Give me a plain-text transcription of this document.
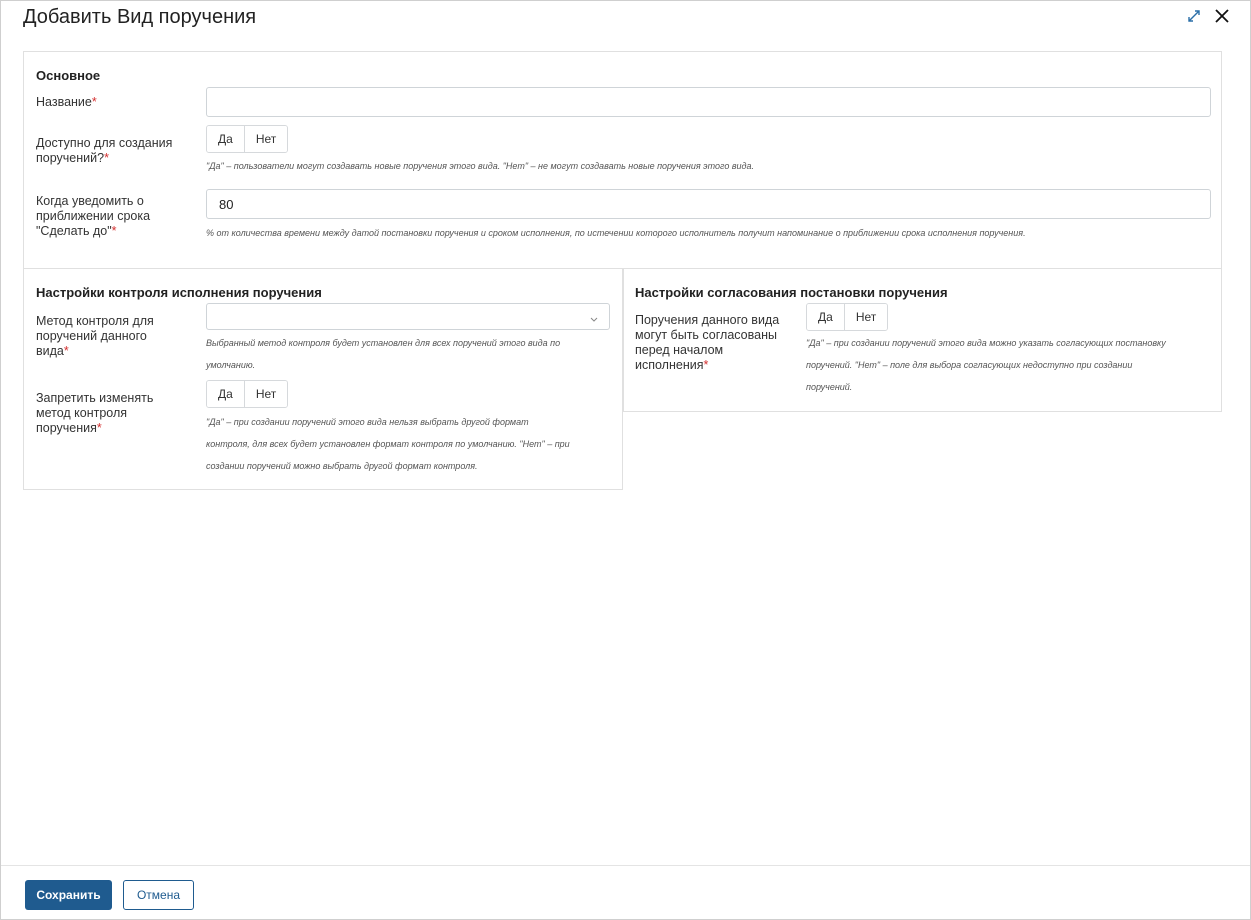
Добавить Вид поручения
Основное
Название*
Доступно для создания
поручений?*
Да	Нет
"Да" – пользователи могут создавать новые поручения этого вида. "Нет" – не могут создавать новые поручения этого вида.
Когда уведомить о
приближении срока
"Сделать до"*
80	% от количества времени между датой постановки поручения и сроком исполнения, по истечении которого исполнитель получит напоминание о приближении срока исполнения поручения.
Настройки контроля исполнения поручения
Метод контроля для
поручений данного
вида*
Выбранный метод контроля будет установлен для всех поручений этого вида по
умолчанию.
Запретить изменять
метод контроля
поручения*
Да	Нет
"Да" – при создании поручений этого вида нельзя выбрать другой формат
контроля, для всех будет установлен формат контроля по умолчанию. "Нет" – при
создании поручений можно выбрать другой формат контроля.
Настройки согласования постановки поручения
Поручения данного вида
могут быть согласованы
перед началом
исполнения*
Да	Нет
"Да" – при создании поручений этого вида можно указать согласующих постановку
поручений. "Нет" – поле для выбора согласующих недоступно при создании
поручений.
Сохранить	Отмена
